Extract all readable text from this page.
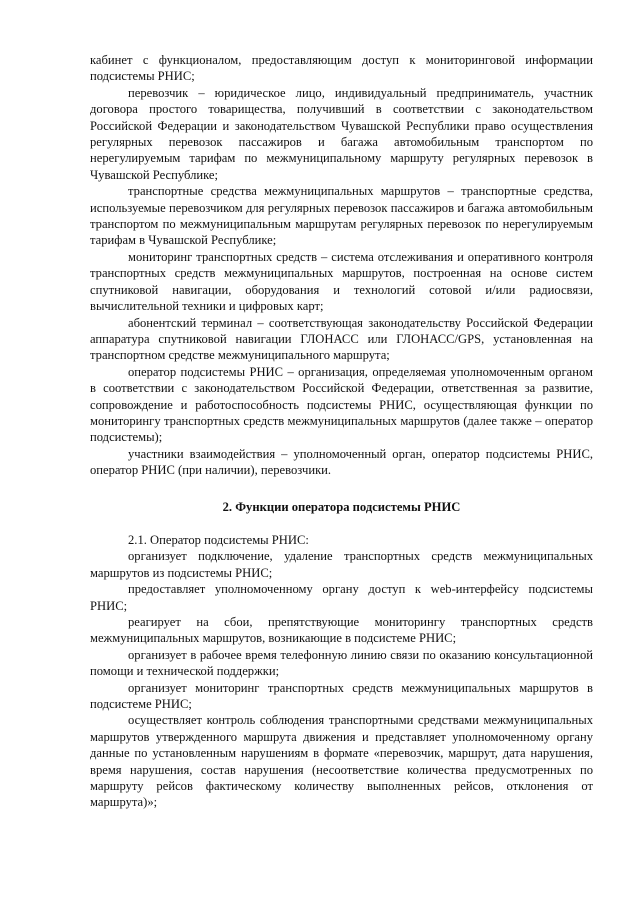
кабинет с функционалом, предоставляющим доступ к мониторинговой информации подсистемы РНИС;

перевозчик – юридическое лицо, индивидуальный предприниматель, участник договора простого товарищества, получивший в соответствии с законодательством Российской Федерации и законодательством Чувашской Республики право осуществления регулярных перевозок пассажиров и багажа автомобильным транспортом по нерегулируемым тарифам по межмуниципальному маршруту регулярных перевозок в Чувашской Республике;

транспортные средства межмуниципальных маршрутов – транспортные средства, используемые перевозчиком для регулярных перевозок пассажиров и багажа автомобильным транспортом по межмуниципальным маршрутам регулярных перевозок по нерегулируемым тарифам в Чувашской Республике;

мониторинг транспортных средств – система отслеживания и оперативного контроля транспортных средств межмуниципальных маршрутов, построенная на основе систем спутниковой навигации, оборудования и технологий сотовой и/или радиосвязи, вычислительной техники и цифровых карт;

абонентский терминал – соответствующая законодательству Российской Федерации аппаратура спутниковой навигации ГЛОНАСС или ГЛОНАСС/GPS, установленная на транспортном средстве межмуниципального маршрута;

оператор подсистемы РНИС – организация, определяемая уполномоченным органом в соответствии с законодательством Российской Федерации, ответственная за развитие, сопровождение и работоспособность подсистемы РНИС, осуществляющая функции по мониторингу транспортных средств межмуниципальных маршрутов (далее также – оператор подсистемы);

участники взаимодействия – уполномоченный орган, оператор подсистемы РНИС, оператор РНИС (при наличии), перевозчики.

2. Функции оператора подсистемы РНИС

2.1. Оператор подсистемы РНИС:

организует подключение, удаление транспортных средств межмуниципальных маршрутов из подсистемы РНИС;

предоставляет уполномоченному органу доступ к web-интерфейсу подсистемы РНИС;

реагирует на сбои, препятствующие мониторингу транспортных средств межмуниципальных маршрутов, возникающие в подсистеме РНИС;

организует в рабочее время телефонную линию связи по оказанию консультационной помощи и технической поддержки;

организует мониторинг транспортных средств межмуниципальных маршрутов в подсистеме РНИС;

осуществляет контроль соблюдения транспортными средствами межмуниципальных маршрутов утвержденного маршрута движения и представляет уполномоченному органу данные по установленным нарушениям в формате «перевозчик, маршрут, дата нарушения, время нарушения, состав нарушения (несоответствие количества предусмотренных по маршруту рейсов фактическому количеству выполненных рейсов, отклонения от маршрута)»;
